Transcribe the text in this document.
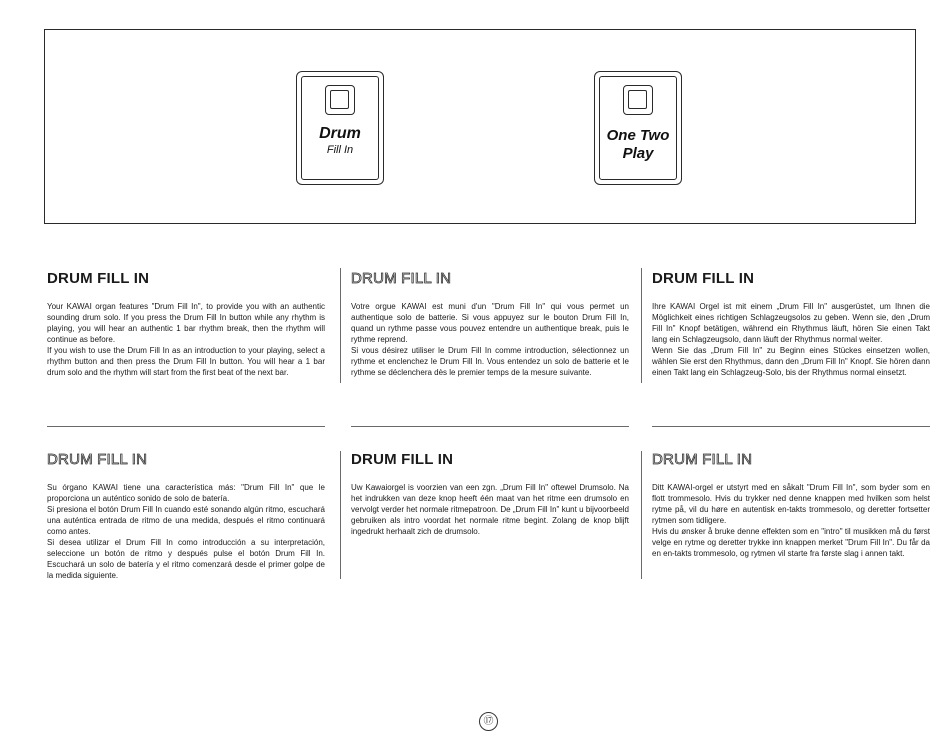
Drum
Fill In
One Two
Play
DRUM FILL IN

Your KAWAI organ features "Drum Fill In", to provide you with an authentic sounding drum solo. If you press the Drum Fill In button while any rhythm is playing, you will hear an authentic 1 bar rhythm break, then the rhythm will continue as before.

If you wish to use the Drum Fill In as an introduction to your playing, select a rhythm button and then press the Drum Fill In button. You will hear a 1 bar drum solo and the rhythm will start from the first beat of the next bar.

DRUM FILL IN

Votre orgue KAWAI est muni d'un "Drum Fill In" qui vous permet un authentique solo de batterie. Si vous appuyez sur le bouton Drum Fill In, quand un rythme passe vous pouvez entendre un authentique break, puis le rythme reprend.

Si vous désirez utiliser le Drum Fill In comme introduction, sélectionnez un rythme et enclenchez le Drum Fill In. Vous entendez un solo de batterie et le rythme se déclenchera dès le premier temps de la mesure suivante.

DRUM FILL IN

Ihre KAWAI Orgel ist mit einem „Drum Fill In" ausgerüstet, um Ihnen die Möglichkeit eines richtigen Schlagzeugsolos zu geben. Wenn sie, den „Drum Fill In" Knopf betätigen, während ein Rhythmus läuft, hören Sie einen Takt lang ein Schlagzeugsolo, dann läuft der Rhythmus normal weiter.

Wenn Sie das „Drum Fill In" zu Beginn eines Stückes einsetzen wollen, wählen Sie erst den Rhythmus, dann den „Drum Fill In" Knopf. Sie hören dann einen Takt lang ein Schlagzeug-Solo, bis der Rhythmus normal einsetzt.

DRUM FILL IN

Su órgano KAWAI tiene una característica más: "Drum Fill In" que le proporciona un auténtico sonido de solo de batería.

Si presiona el botón Drum Fill In cuando esté sonando algún ritmo, escuchará una auténtica entrada de ritmo de una medida, después el ritmo continuará como antes.

Si desea utilizar el Drum Fill In como introducción a su interpretación, seleccione un botón de ritmo y después pulse el botón Drum Fill In. Escuchará un solo de batería y el ritmo comenzará desde el primer golpe de la medida siguiente.

DRUM FILL IN

Uw Kawaiorgel is voorzien van een zgn. „Drum Fill In" oftewel Drumsolo. Na het indrukken van deze knop heeft één maat van het ritme een drumsolo en vervolgt verder het normale ritmepatroon. De „Drum Fill In" kunt u bijvoorbeeld gebruiken als intro voordat het normale ritme begint. Zolang de knop blijft ingedrukt herhaalt zich de drumsolo.

DRUM FILL IN

Ditt KAWAI-orgel er utstyrt med en såkalt "Drum Fill In", som byder som en flott trommesolo. Hvis du trykker ned denne knappen med hvilken som helst rytme på, vil du høre en autentisk en-takts trommesolo, og deretter fortsetter rytmen som tidligere.

Hvis du ønsker å bruke denne effekten som en "intro" til musikken må du først velge en rytme og deretter trykke inn knappen merket "Drum Fill In". Du får da en en-takts trommesolo, og rytmen vil starte fra første slag i annen takt.

⑰
